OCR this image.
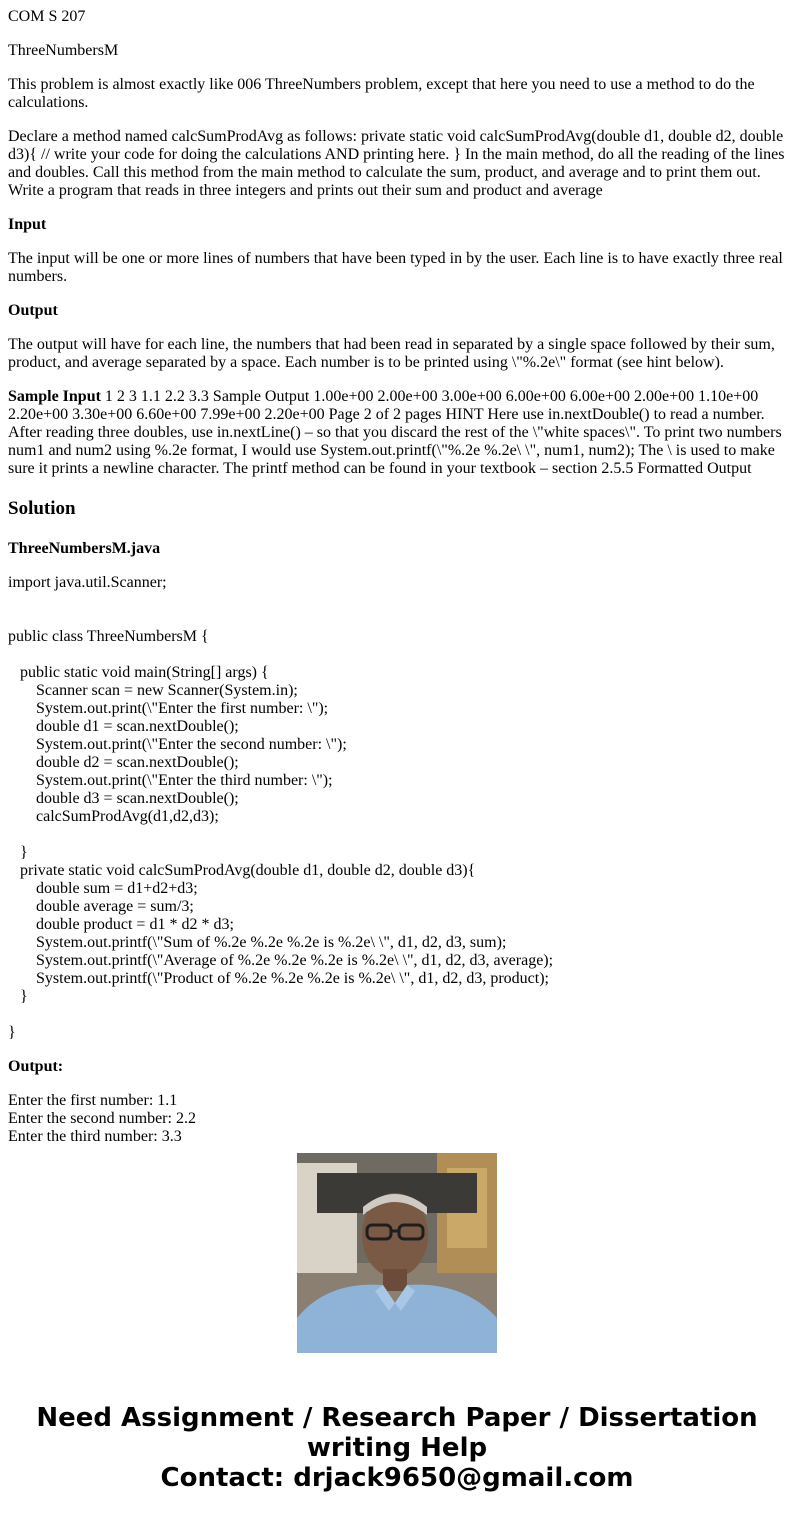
COM S 207

ThreeNumbersM

This problem is almost exactly like 006 ThreeNumbers problem, except that here you need to use a method to do the calculations.

Declare a method named calcSumProdAvg as follows: private static void calcSumProdAvg(double d1, double d2, double d3){ // write your code for doing the calculations AND printing here. } In the main method, do all the reading of the lines and doubles. Call this method from the main method to calculate the sum, product, and average and to print them out. Write a program that reads in three integers and prints out their sum and product and average

Input

The input will be one or more lines of numbers that have been typed in by the user. Each line is to have exactly three real numbers.

Output

The output will have for each line, the numbers that had been read in separated by a single space followed by their sum, product, and average separated by a space. Each number is to be printed using \"%.2e\" format (see hint below).

Sample Input 1 2 3 1.1 2.2 3.3 Sample Output 1.00e+00 2.00e+00 3.00e+00 6.00e+00 6.00e+00 2.00e+00 1.10e+00 2.20e+00 3.30e+00 6.60e+00 7.99e+00 2.20e+00 Page 2 of 2 pages HINT Here use in.nextDouble() to read a number. After reading three doubles, use in.nextLine() – so that you discard the rest of the \"white spaces\". To print two numbers num1 and num2 using %.2e format, I would use System.out.printf(\"%.2e %.2e\ \", num1, num2); The \ is used to make sure it prints a newline character. The printf method can be found in your textbook – section 2.5.5 Formatted Output

Solution

ThreeNumbersM.java

import java.util.Scanner;

public class ThreeNumbersM {

public static void main(String[] args) {
Scanner scan = new Scanner(System.in);
System.out.print(\"Enter the first number: \");
double d1 = scan.nextDouble();
System.out.print(\"Enter the second number: \");
double d2 = scan.nextDouble();
System.out.print(\"Enter the third number: \");
double d3 = scan.nextDouble();
calcSumProdAvg(d1,d2,d3);

}
private static void calcSumProdAvg(double d1, double d2, double d3){
double sum = d1+d2+d3;
double average = sum/3;
double product = d1 * d2 * d3;
System.out.printf(\"Sum of %.2e %.2e %.2e is %.2e\ \", d1, d2, d3, sum);
System.out.printf(\"Average of %.2e %.2e %.2e is %.2e\ \", d1, d2, d3, average);
System.out.printf(\"Product of %.2e %.2e %.2e is %.2e\ \", d1, d2, d3, product);
}

}

Output:

Enter the first number: 1.1
Enter the second number: 2.2
Enter the third number: 3.3
Need Assignment / Research Paper / Dissertation
writing Help
Contact: drjack9650@gmail.com
